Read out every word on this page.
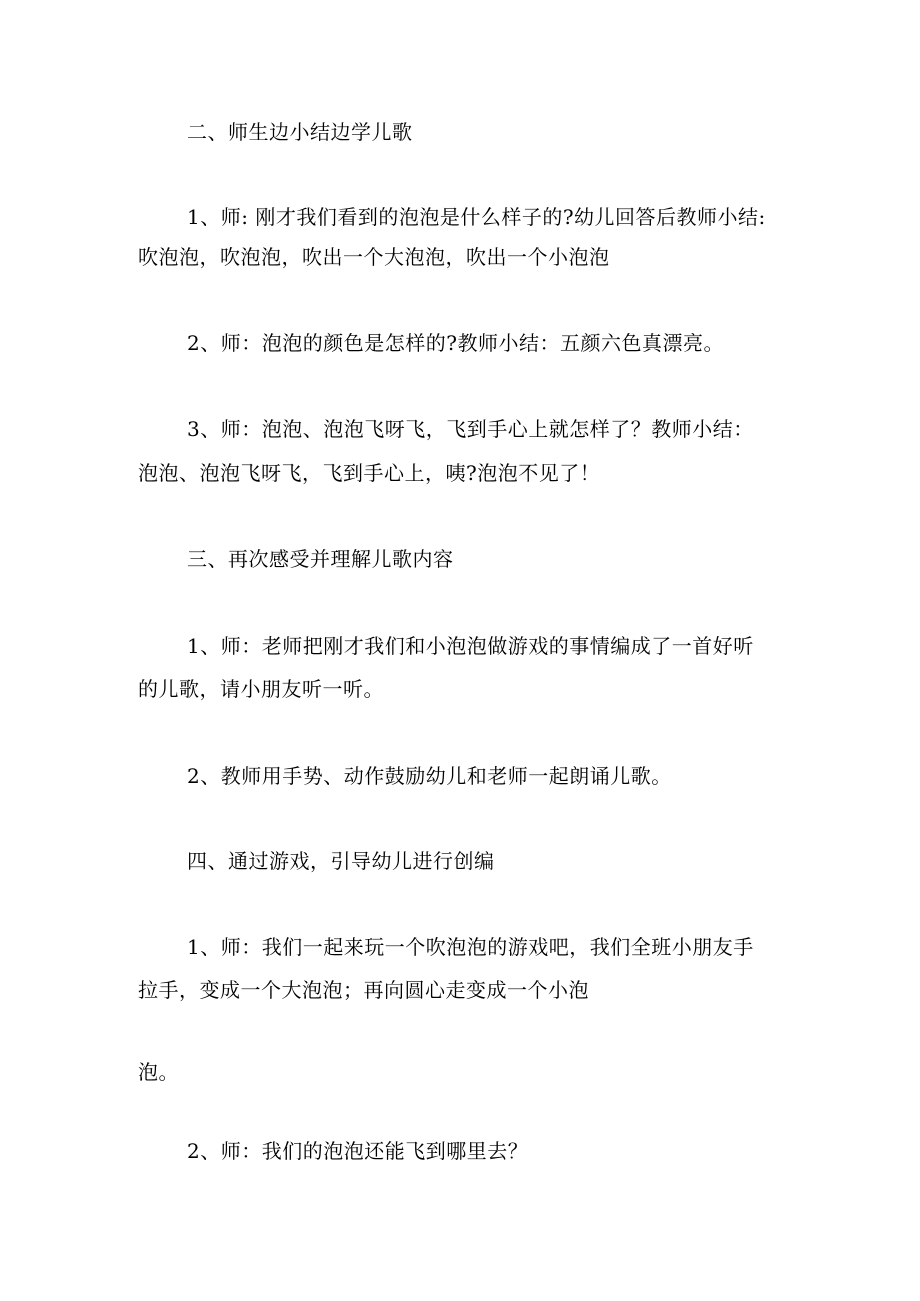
二、师生边小结边学儿歌
1、师: 刚才我们看到的泡泡是什么样子的?幼儿回答后教师小结:
吹泡泡，吹泡泡，吹出一个大泡泡，吹出一个小泡泡
2、师：泡泡的颜色是怎样的?教师小结：五颜六色真漂亮。
3、师：泡泡、泡泡飞呀飞，飞到手心上就怎样了？教师小结：
泡泡、泡泡飞呀飞，飞到手心上，咦?泡泡不见了！
三、再次感受并理解儿歌内容
1、师：老师把刚才我们和小泡泡做游戏的事情编成了一首好听
的儿歌，请小朋友听一听。
2、教师用手势、动作鼓励幼儿和老师一起朗诵儿歌。
四、通过游戏，引导幼儿进行创编
1、师：我们一起来玩一个吹泡泡的游戏吧，我们全班小朋友手
拉手，变成一个大泡泡；再向圆心走变成一个小泡
泡。
2、师：我们的泡泡还能飞到哪里去？
